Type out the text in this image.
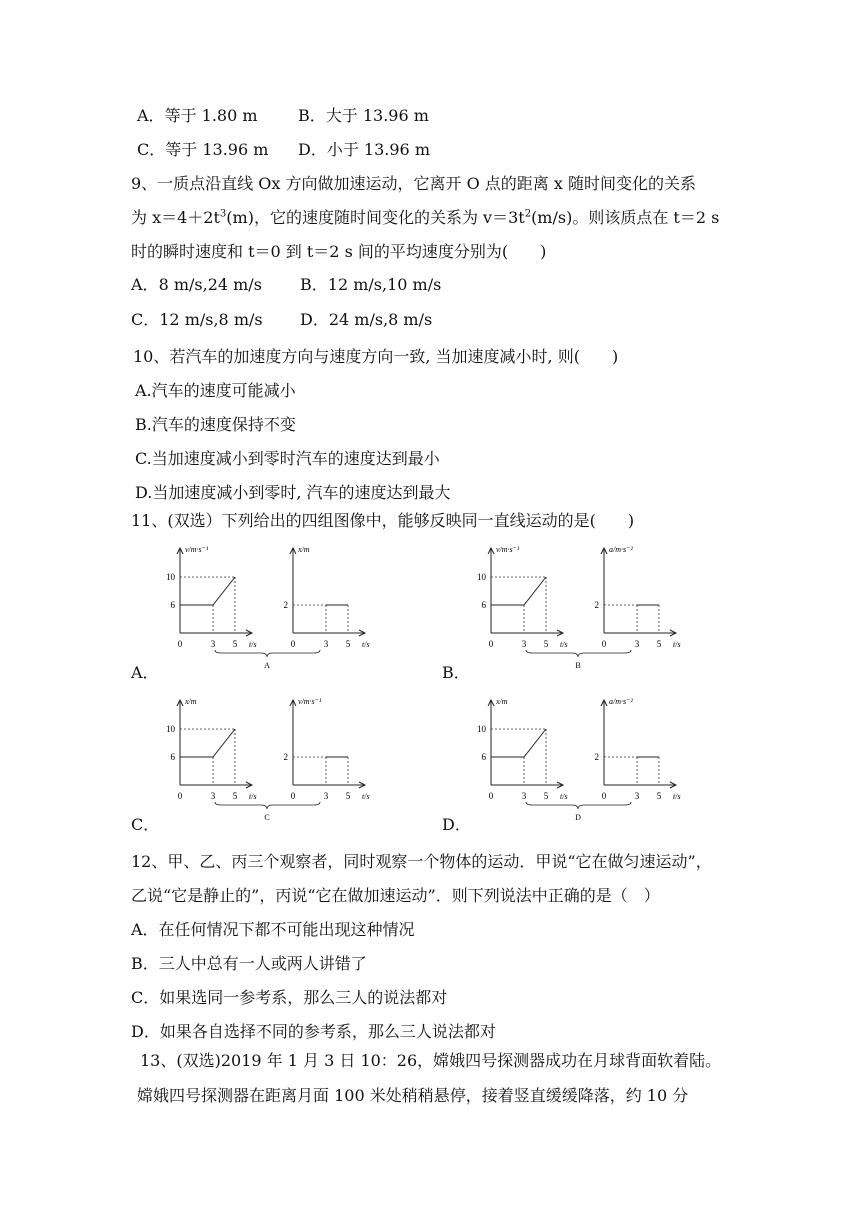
A．等于 1.80 m	B．大于 13.96 m
C．等于 13.96 m D．小于 13.96 m
9、一质点沿直线 Ox 方向做加速运动，它离开 O 点的距离 x 随时间变化的关系
为 $x=4+2t^3(m)$，它的速度随时间变化的关系为 $v=3t^2(m/s)$。则该质点在 t＝2 s
时的瞬时速度和 t＝0 到 t＝2 s 间的平均速度分别为(　　)
A．8 m/s,24 m/s B．12 m/s,10 m/s
C．12 m/s,8 m/s D．24 m/s,8 m/s
10、若汽车的加速度方向与速度方向一致, 当加速度减小时, 则(　　)
A.汽车的速度可能减小
B.汽车的速度保持不变
C.当加速度减小到零时汽车的速度达到最小
D.当加速度减小到零时, 汽车的速度达到最大
11、(双选）下列给出的四组图像中，能够反映同一直线运动的是(　　)
v/m·s⁻¹
t/s
6
10
0	3 5
x/m
t/s
2
0	3 5
A
v/m·s⁻¹
t/s
6
10
0	3 5
a/m·s⁻²
t/s
2
0	3 5
B
x/m
t/s
6
10
0	3 5
v/m·s⁻¹
t/s
2
0	3 5
C
x/m
t/s
6
10
0	3 5
a/m·s⁻²
t/s
2
0	3 5
D
A．	B．
C．	D．
12、甲、乙、丙三个观察者，同时观察一个物体的运动．甲说“它在做匀速运动”，
乙说“它是静止的”，丙说“它在做加速运动”．则下列说法中正确的是（　）
A．在任何情况下都不可能出现这种情况
B．三人中总有一人或两人讲错了
C．如果选同一参考系，那么三人的说法都对
D．如果各自选择不同的参考系，那么三人说法都对
13、(双选)2019 年 1 月 3 日 10：26，嫦娥四号探测器成功在月球背面软着陆。
嫦娥四号探测器在距离月面 100 米处稍稍悬停，接着竖直缓缓降落，约 10 分
